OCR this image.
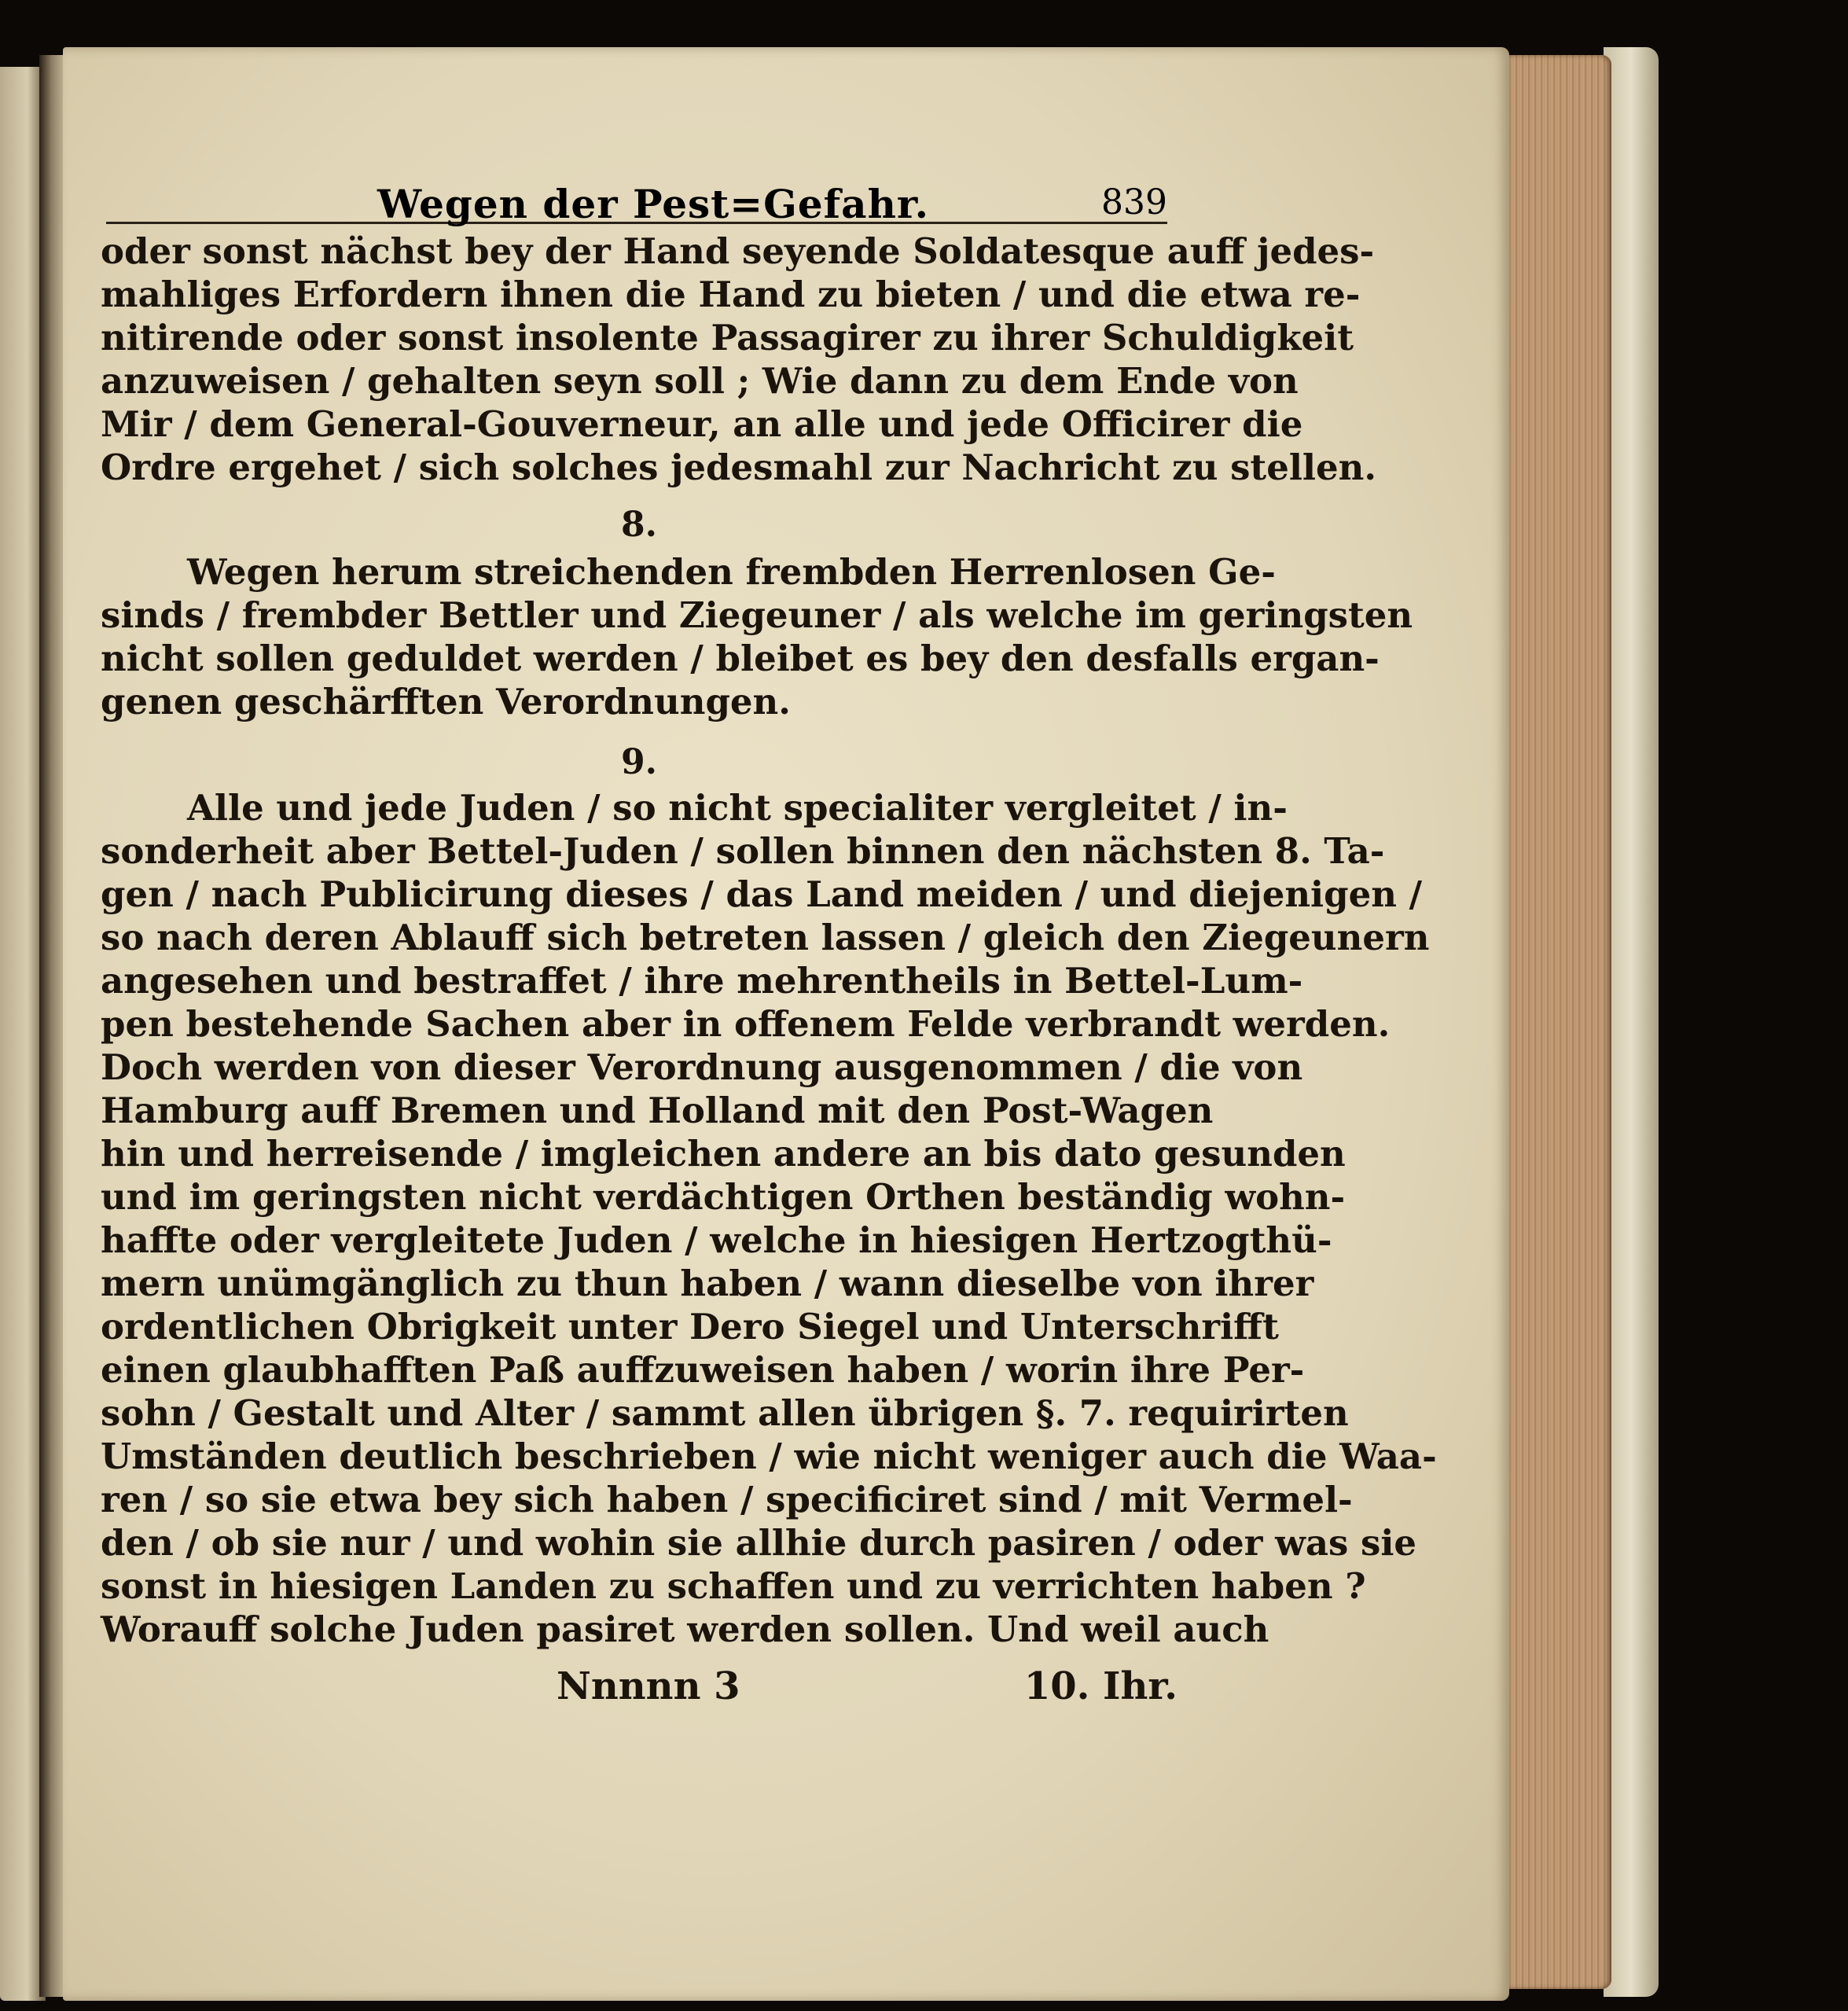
Wegen der Pest=Gefahr.	839
oder sonst nächst bey der Hand seyende Soldatesque auff jedes-
mahliges Erfordern ihnen die Hand zu bieten / und die etwa re-
nitirende oder sonst insolente Passagirer zu ihrer Schuldigkeit
anzuweisen / gehalten seyn soll ; Wie dann zu dem Ende von
Mir / dem General-Gouverneur, an alle und jede Officirer die
Ordre ergehet / sich solches jedesmahl zur Nachricht zu stellen.
8.
Wegen herum streichenden frembden Herrenlosen Ge-
sinds / frembder Bettler und Ziegeuner / als welche im geringsten
nicht sollen geduldet werden / bleibet es bey den desfalls ergan-
genen geschärfften Verordnungen.
9.
Alle und jede Juden / so nicht specialiter vergleitet / in-
sonderheit aber Bettel-Juden / sollen binnen den nächsten 8. Ta-
gen / nach Publicirung dieses / das Land meiden / und diejenigen /
so nach deren Ablauff sich betreten lassen / gleich den Ziegeunern
angesehen und bestraffet / ihre mehrentheils in Bettel-Lum-
pen bestehende Sachen aber in offenem Felde verbrandt werden.
Doch werden von dieser Verordnung ausgenommen / die von
Hamburg auff Bremen und Holland mit den Post-Wagen
hin und herreisende / imgleichen andere an bis dato gesunden
und im geringsten nicht verdächtigen Orthen beständig wohn-
haffte oder vergleitete Juden / welche in hiesigen Hertzogthü-
mern unümgänglich zu thun haben / wann dieselbe von ihrer
ordentlichen Obrigkeit unter Dero Siegel und Unterschrifft
einen glaubhafften Paß auffzuweisen haben / worin ihre Per-
sohn / Gestalt und Alter / sammt allen übrigen §. 7. requirirten
Umständen deutlich beschrieben / wie nicht weniger auch die Waa-
ren / so sie etwa bey sich haben / specificiret sind / mit Vermel-
den / ob sie nur / und wohin sie allhie durch pasiren / oder was sie
sonst in hiesigen Landen zu schaffen und zu verrichten haben ?
Worauff solche Juden pasiret werden sollen. Und weil auch
Nnnnn 3	10. Ihr.
